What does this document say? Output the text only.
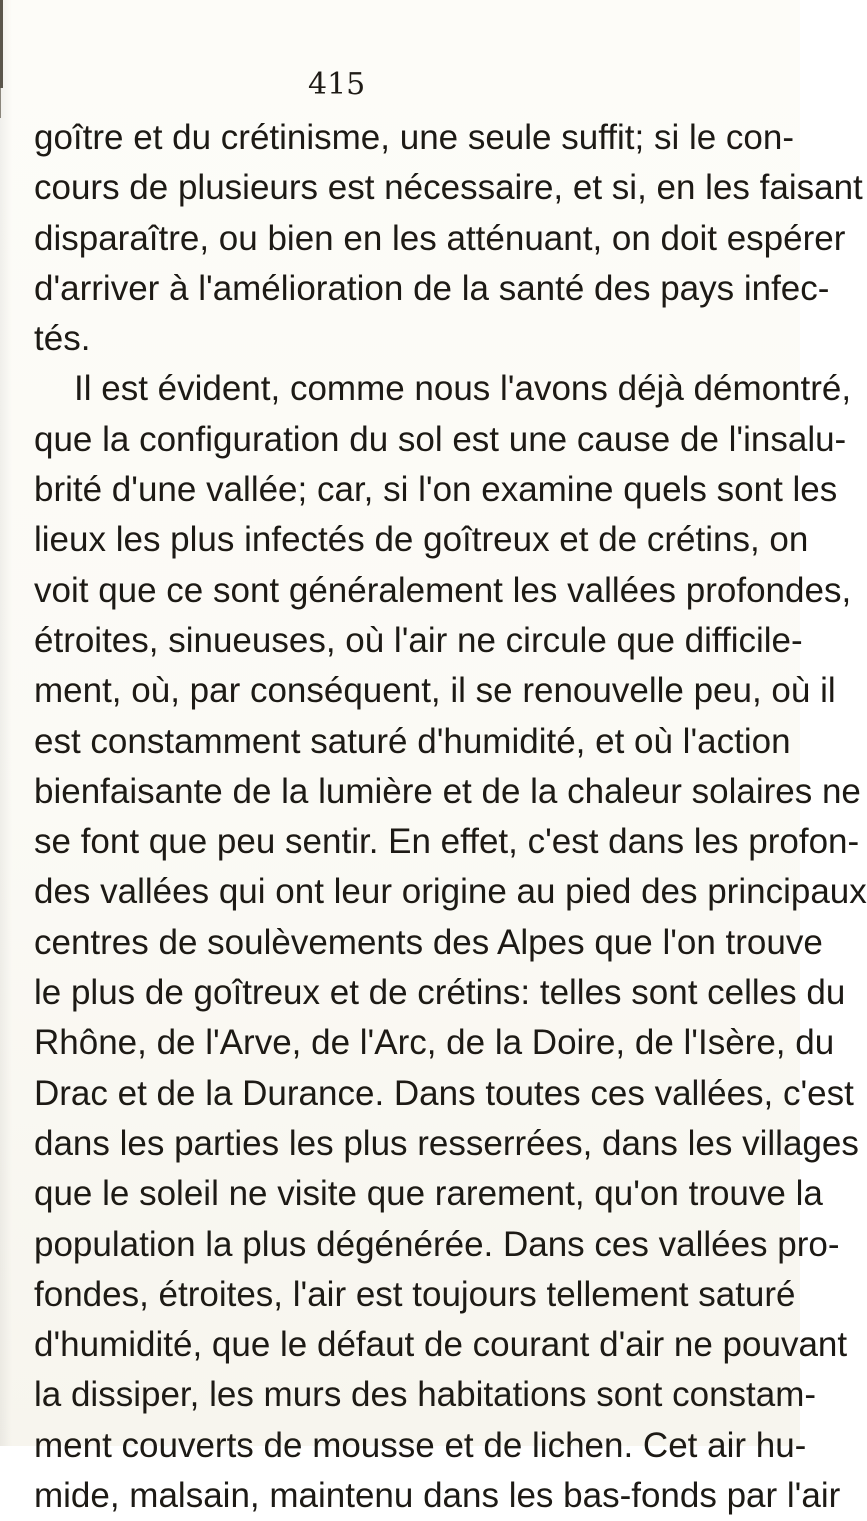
415
goître et du crétinisme, une seule suffit; si le con-
cours de plusieurs est nécessaire, et si, en les faisant
disparaître, ou bien en les atténuant, on doit espérer
d'arriver à l'amélioration de la santé des pays infec-
tés.
Il est évident, comme nous l'avons déjà démontré,
que la configuration du sol est une cause de l'insalu-
brité d'une vallée; car, si l'on examine quels sont les
lieux les plus infectés de goîtreux et de crétins, on
voit que ce sont généralement les vallées profondes,
étroites, sinueuses, où l'air ne circule que difficile-
ment, où, par conséquent, il se renouvelle peu, où il
est constamment saturé d'humidité, et où l'action
bienfaisante de la lumière et de la chaleur solaires ne
se font que peu sentir. En effet, c'est dans les profon-
des vallées qui ont leur origine au pied des principaux
centres de soulèvements des Alpes que l'on trouve
le plus de goîtreux et de crétins: telles sont celles du
Rhône, de l'Arve, de l'Arc, de la Doire, de l'Isère, du
Drac et de la Durance. Dans toutes ces vallées, c'est
dans les parties les plus resserrées, dans les villages
que le soleil ne visite que rarement, qu'on trouve la
population la plus dégénérée. Dans ces vallées pro-
fondes, étroites, l'air est toujours tellement saturé
d'humidité, que le défaut de courant d'air ne pouvant
la dissiper, les murs des habitations sont constam-
ment couverts de mousse et de lichen. Cet air hu-
mide, malsain, maintenu dans les bas-fonds par l'air
